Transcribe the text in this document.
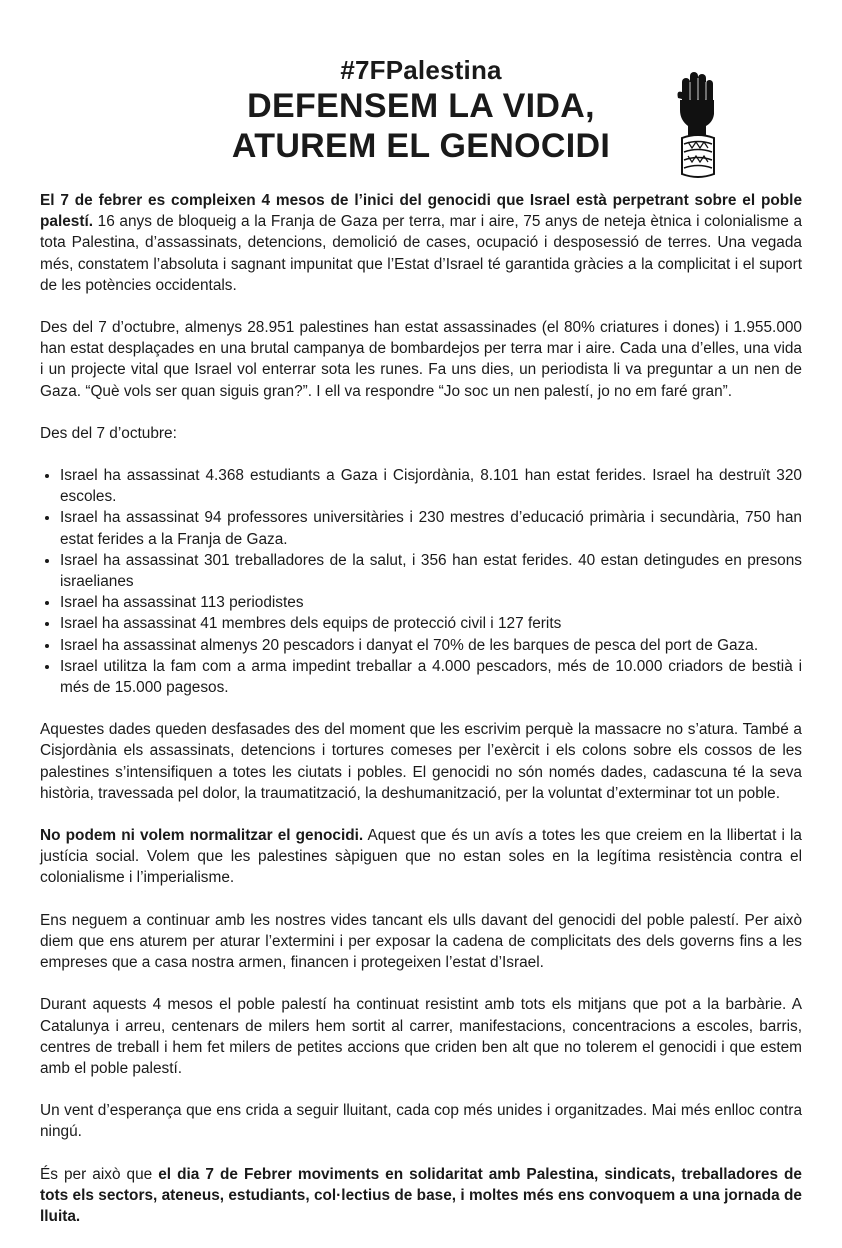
#7FPalestina
DEFENSEM LA VIDA,
ATUREM EL GENOCIDI

El 7 de febrer es compleixen 4 mesos de l’inici del genocidi que Israel està perpetrant sobre el poble palestí. 16 anys de bloqueig a la Franja de Gaza per terra, mar i aire, 75 anys de neteja ètnica i colonialisme a tota Palestina, d’assassinats, detencions, demolició de cases, ocupació i desposessió de terres. Una vegada més, constatem l’absoluta i sagnant impunitat que l’Estat d’Israel té garantida gràcies a la complicitat i el suport de les potències occidentals.

Des del 7 d’octubre, almenys 28.951 palestines han estat assassinades (el 80% criatures i dones) i 1.955.000 han estat desplaçades en una brutal campanya de bombardejos per terra mar i aire. Cada una d’elles, una vida i un projecte vital que Israel vol enterrar sota les runes. Fa uns dies, un periodista li va preguntar a un nen de Gaza. “Què vols ser quan siguis gran?”. I ell va respondre “Jo soc un nen palestí, jo no em faré gran”.

Des del 7 d’octubre:

• Israel ha assassinat 4.368 estudiants a Gaza i Cisjordània, 8.101 han estat ferides. Israel ha destruït 320 escoles.
• Israel ha assassinat 94 professores universitàries i 230 mestres d’educació primària i secundària, 750 han estat ferides a la Franja de Gaza.
• Israel ha assassinat 301 treballadores de la salut, i 356 han estat ferides. 40 estan detingudes en presons israelianes
• Israel ha assassinat 113 periodistes
• Israel ha assassinat 41 membres dels equips de protecció civil i 127 ferits
• Israel ha assassinat almenys 20 pescadors i danyat el 70% de les barques de pesca del port de Gaza.
• Israel utilitza la fam com a arma impedint treballar a 4.000 pescadors, més de 10.000 criadors de bestià i més de 15.000 pagesos.

Aquestes dades queden desfasades des del moment que les escrivim perquè la massacre no s’atura. També a Cisjordània els assassinats, detencions i tortures comeses per l’exèrcit i els colons sobre els cossos de les palestines s’intensifiquen a totes les ciutats i pobles. El genocidi no són només dades, cadascuna té la seva història, travessada pel dolor, la traumatització, la deshumanització, per la voluntat d’exterminar tot un poble.

No podem ni volem normalitzar el genocidi. Aquest que és un avís a totes les que creiem en la llibertat i la justícia social. Volem que les palestines sàpiguen que no estan soles en la legítima resistència contra el colonialisme i l’imperialisme.

Ens neguem a continuar amb les nostres vides tancant els ulls davant del genocidi del poble palestí. Per això diem que ens aturem per aturar l’extermini i per exposar la cadena de complicitats des dels governs fins a les empreses que a casa nostra armen, financen i protegeixen l’estat d’Israel.

Durant aquests 4 mesos el poble palestí ha continuat resistint amb tots els mitjans que pot a la barbàrie. A Catalunya i arreu, centenars de milers hem sortit al carrer, manifestacions, concentracions a escoles, barris, centres de treball i hem fet milers de petites accions que criden ben alt que no tolerem el genocidi i que estem amb el poble palestí.

Un vent d’esperança que ens crida a seguir lluitant, cada cop més unides i organitzades. Mai més enlloc contra ningú.

És per això que el dia 7 de Febrer moviments en solidaritat amb Palestina, sindicats, treballadores de tots els sectors, ateneus, estudiants, col·lectius de base, i moltes més ens convoquem a una jornada de lluita.
